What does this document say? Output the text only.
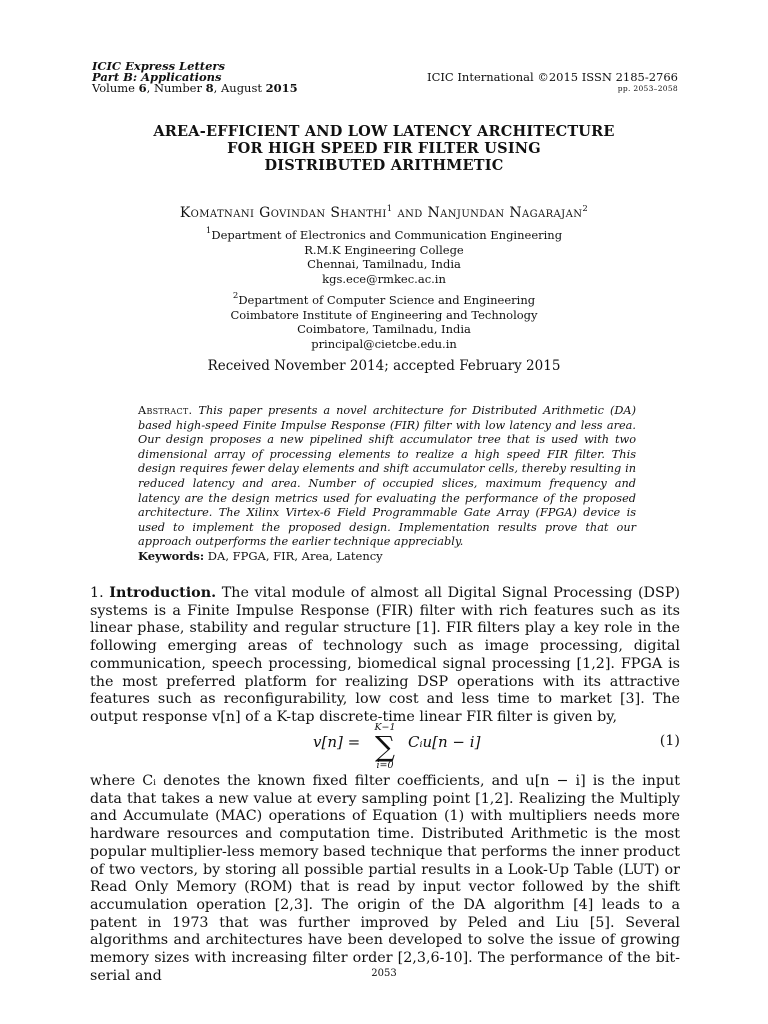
ICIC Express Letters
Part B: Applications
Volume 6, Number 8, August 2015
ICIC International ©2015 ISSN 2185-2766
pp. 2053–2058
AREA-EFFICIENT AND LOW LATENCY ARCHITECTURE
FOR HIGH SPEED FIR FILTER USING
DISTRIBUTED ARITHMETIC
Komatnani Govindan Shanthi$^1$ and Nanjundan Nagarajan$^2$
$^1$Department of Electronics and Communication Engineering
R.M.K Engineering College
Chennai, Tamilnadu, India
kgs.ece@rmkec.ac.in
$^2$Department of Computer Science and Engineering
Coimbatore Institute of Engineering and Technology
Coimbatore, Tamilnadu, India
principal@cietcbe.edu.in
Received November 2014; accepted February 2015
Abstract. This paper presents a novel architecture for Distributed Arithmetic (DA) based high-speed Finite Impulse Response (FIR) filter with low latency and less area. Our design proposes a new pipelined shift accumulator tree that is used with two dimensional array of processing elements to realize a high speed FIR filter. This design requires fewer delay elements and shift accumulator cells, thereby resulting in reduced latency and area. Number of occupied slices, maximum frequency and latency are the design metrics used for evaluating the performance of the proposed architecture. The Xilinx Virtex-6 Field Programmable Gate Array (FPGA) device is used to implement the proposed design. Implementation results prove that our approach outperforms the earlier technique appreciably.
Keywords: DA, FPGA, FIR, Area, Latency
1. Introduction. The vital module of almost all Digital Signal Processing (DSP) systems is a Finite Impulse Response (FIR) filter with rich features such as its linear phase, stability and regular structure [1]. FIR filters play a key role in the following emerging areas of technology such as image processing, digital communication, speech processing, biomedical signal processing [1,2]. FPGA is the most preferred platform for realizing DSP operations with its attractive features such as reconfigurability, low cost and less time to market [3]. The output response v[n] of a K-tap discrete-time linear FIR filter is given by,
v[n] =
K−1
∑
i=0
Cᵢu[n − i]	(1)
where Cᵢ denotes the known fixed filter coefficients, and u[n − i] is the input data that takes a new value at every sampling point [1,2]. Realizing the Multiply and Accumulate (MAC) operations of Equation (1) with multipliers needs more hardware resources and computation time. Distributed Arithmetic is the most popular multiplier-less memory based technique that performs the inner product of two vectors, by storing all possible partial results in a Look-Up Table (LUT) or Read Only Memory (ROM) that is read by input vector followed by the shift accumulation operation [2,3]. The origin of the DA algorithm [4] leads to a patent in 1973 that was further improved by Peled and Liu [5]. Several algorithms and architectures have been developed to solve the issue of growing memory sizes with increasing filter order [2,3,6-10]. The performance of the bit-serial and	2053
